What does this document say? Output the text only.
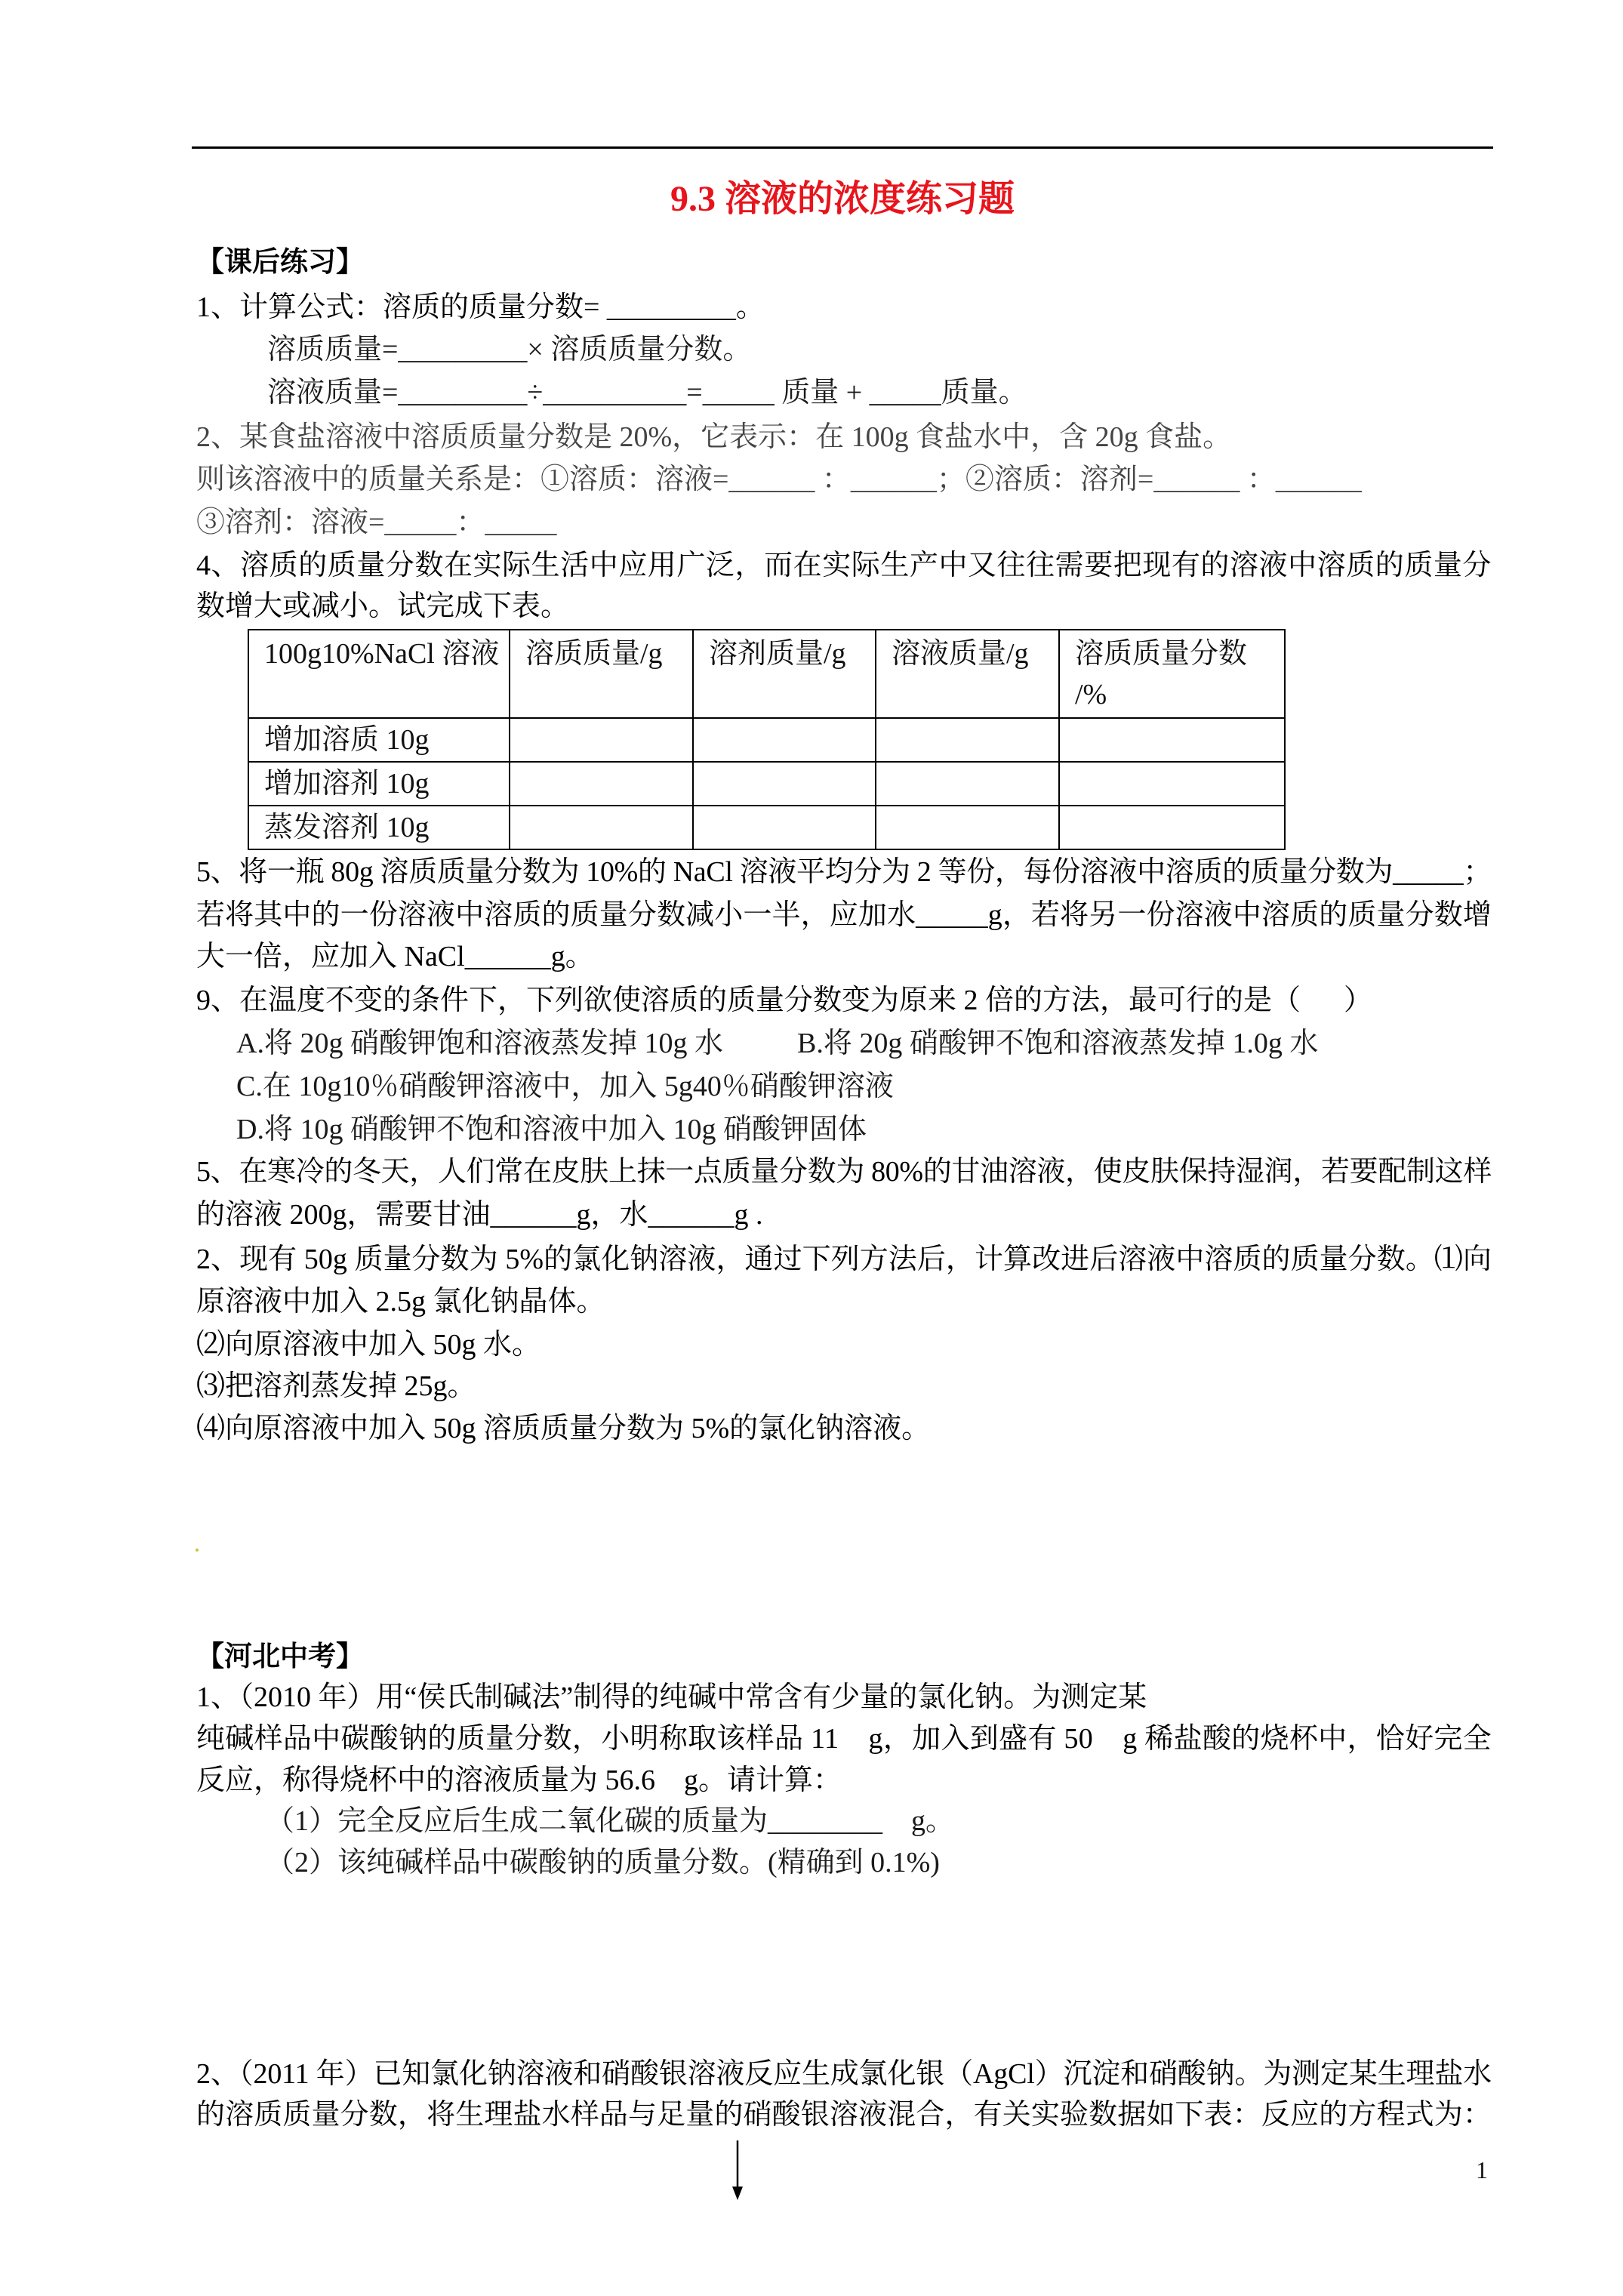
9.3 溶液的浓度练习题
【课后练习】
1、计算公式：溶质的质量分数= _________。
溶质质量=_________× 溶质质量分数。
溶液质量=_________÷__________=_____ 质量 + _____质量。
2、某食盐溶液中溶质质量分数是 20%，它表示：在 100g 食盐水中，含 20g 食盐。
则该溶液中的质量关系是：①溶质：溶液=______ ：______；②溶质：溶剂=______ ：______
③溶剂：溶液=_____：_____
4、溶质的质量分数在实际生活中应用广泛，而在实际生产中又往往需要把现有的溶液中溶质的质量分
数增大或减小。试完成下表。
100g10%NaCl 溶液	溶质质量/g	溶剂质量/g	溶液质量/g	溶质质量分数 /%
增加溶质 10g				
增加溶剂 10g				
蒸发溶剂 10g				
5、将一瓶 80g 溶质质量分数为 10%的 NaCl 溶液平均分为 2 等份，每份溶液中溶质的质量分数为_____；
若将其中的一份溶液中溶质的质量分数减小一半，应加水_____g，若将另一份溶液中溶质的质量分数增
大一倍，应加入 NaCl______g。
9、在温度不变的条件下，下列欲使溶质的质量分数变为原来 2 倍的方法，最可行的是（      ）
A.将 20g 硝酸钾饱和溶液蒸发掉 10g 水	B.将 20g 硝酸钾不饱和溶液蒸发掉 1.0g 水
C.在 10g10％硝酸钾溶液中，加入 5g40％硝酸钾溶液
D.将 10g 硝酸钾不饱和溶液中加入 10g 硝酸钾固体
5、在寒冷的冬天，人们常在皮肤上抹一点质量分数为 80%的甘油溶液，使皮肤保持湿润，若要配制这样
的溶液 200g，需要甘油______g，水______g .
2、现有 50g 质量分数为 5%的氯化钠溶液，通过下列方法后，计算改进后溶液中溶质的质量分数。⑴向
原溶液中加入 2.5g 氯化钠晶体。
⑵向原溶液中加入 50g 水。
⑶把溶剂蒸发掉 25g。
⑷向原溶液中加入 50g 溶质质量分数为 5%的氯化钠溶液。
【河北中考】
1、（2010 年）用“侯氏制碱法”制得的纯碱中常含有少量的氯化钠。为测定某
纯碱样品中碳酸钠的质量分数，小明称取该样品 11    g，加入到盛有 50    g 稀盐酸的烧杯中，恰好完全
反应，称得烧杯中的溶液质量为 56.6    g。请计算：
（1）完全反应后生成二氧化碳的质量为________    g。
（2）该纯碱样品中碳酸钠的质量分数。(精确到 0.1%)
2、（2011 年）已知氯化钠溶液和硝酸银溶液反应生成氯化银（AgCl）沉淀和硝酸钠。为测定某生理盐水
的溶质质量分数，将生理盐水样品与足量的硝酸银溶液混合，有关实验数据如下表：反应的方程式为：
1
